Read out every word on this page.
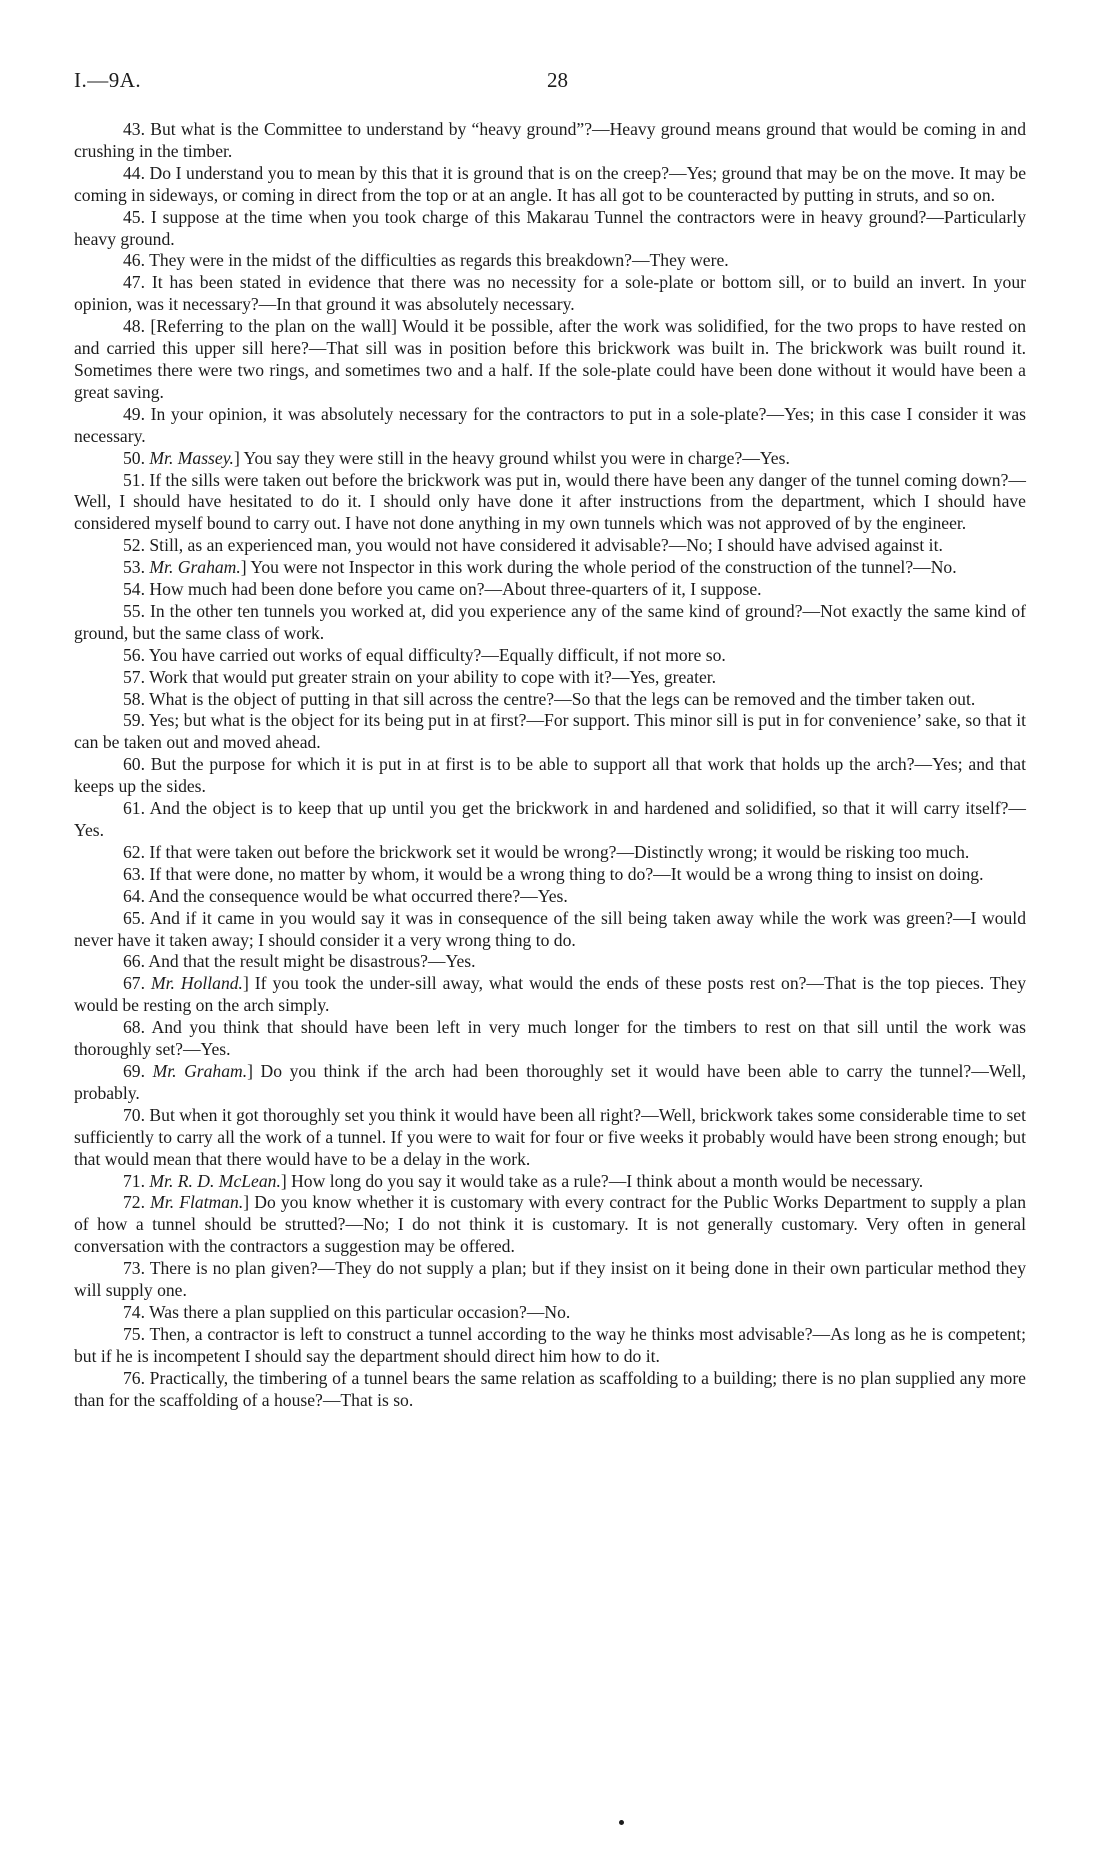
I.—9A.	28

43. But what is the Committee to understand by “heavy ground”?—Heavy ground means ground that would be coming in and crushing in the timber.

44. Do I understand you to mean by this that it is ground that is on the creep?—Yes; ground that may be on the move. It may be coming in sideways, or coming in direct from the top or at an angle. It has all got to be counteracted by putting in struts, and so on.

45. I suppose at the time when you took charge of this Makarau Tunnel the contractors were in heavy ground?—Particularly heavy ground.

46. They were in the midst of the difficulties as regards this breakdown?—They were.

47. It has been stated in evidence that there was no necessity for a sole-plate or bottom sill, or to build an invert. In your opinion, was it necessary?—In that ground it was absolutely necessary.

48. [Referring to the plan on the wall] Would it be possible, after the work was solidified, for the two props to have rested on and carried this upper sill here?—That sill was in position before this brickwork was built in. The brickwork was built round it. Sometimes there were two rings, and sometimes two and a half. If the sole-plate could have been done without it would have been a great saving.

49. In your opinion, it was absolutely necessary for the contractors to put in a sole-plate?—Yes; in this case I consider it was necessary.

50. Mr. Massey.] You say they were still in the heavy ground whilst you were in charge?—Yes.

51. If the sills were taken out before the brickwork was put in, would there have been any danger of the tunnel coming down?—Well, I should have hesitated to do it. I should only have done it after instructions from the department, which I should have considered myself bound to carry out. I have not done anything in my own tunnels which was not approved of by the engineer.

52. Still, as an experienced man, you would not have considered it advisable?—No; I should have advised against it.

53. Mr. Graham.] You were not Inspector in this work during the whole period of the construction of the tunnel?—No.

54. How much had been done before you came on?—About three-quarters of it, I suppose.

55. In the other ten tunnels you worked at, did you experience any of the same kind of ground?—Not exactly the same kind of ground, but the same class of work.

56. You have carried out works of equal difficulty?—Equally difficult, if not more so.

57. Work that would put greater strain on your ability to cope with it?—Yes, greater.

58. What is the object of putting in that sill across the centre?—So that the legs can be removed and the timber taken out.

59. Yes; but what is the object for its being put in at first?—For support. This minor sill is put in for convenience’ sake, so that it can be taken out and moved ahead.

60. But the purpose for which it is put in at first is to be able to support all that work that holds up the arch?—Yes; and that keeps up the sides.

61. And the object is to keep that up until you get the brickwork in and hardened and solidified, so that it will carry itself?—Yes.

62. If that were taken out before the brickwork set it would be wrong?—Distinctly wrong; it would be risking too much.

63. If that were done, no matter by whom, it would be a wrong thing to do?—It would be a wrong thing to insist on doing.

64. And the consequence would be what occurred there?—Yes.

65. And if it came in you would say it was in consequence of the sill being taken away while the work was green?—I would never have it taken away; I should consider it a very wrong thing to do.

66. And that the result might be disastrous?—Yes.

67. Mr. Holland.] If you took the under-sill away, what would the ends of these posts rest on?—That is the top pieces. They would be resting on the arch simply.

68. And you think that should have been left in very much longer for the timbers to rest on that sill until the work was thoroughly set?—Yes.

69. Mr. Graham.] Do you think if the arch had been thoroughly set it would have been able to carry the tunnel?—Well, probably.

70. But when it got thoroughly set you think it would have been all right?—Well, brickwork takes some considerable time to set sufficiently to carry all the work of a tunnel. If you were to wait for four or five weeks it probably would have been strong enough; but that would mean that there would have to be a delay in the work.

71. Mr. R. D. McLean.] How long do you say it would take as a rule?—I think about a month would be necessary.

72. Mr. Flatman.] Do you know whether it is customary with every contract for the Public Works Department to supply a plan of how a tunnel should be strutted?—No; I do not think it is customary. It is not generally customary. Very often in general conversation with the contractors a suggestion may be offered.

73. There is no plan given?—They do not supply a plan; but if they insist on it being done in their own particular method they will supply one.

74. Was there a plan supplied on this particular occasion?—No.

75. Then, a contractor is left to construct a tunnel according to the way he thinks most advisable?—As long as he is competent; but if he is incompetent I should say the department should direct him how to do it.

76. Practically, the timbering of a tunnel bears the same relation as scaffolding to a building; there is no plan supplied any more than for the scaffolding of a house?—That is so.
